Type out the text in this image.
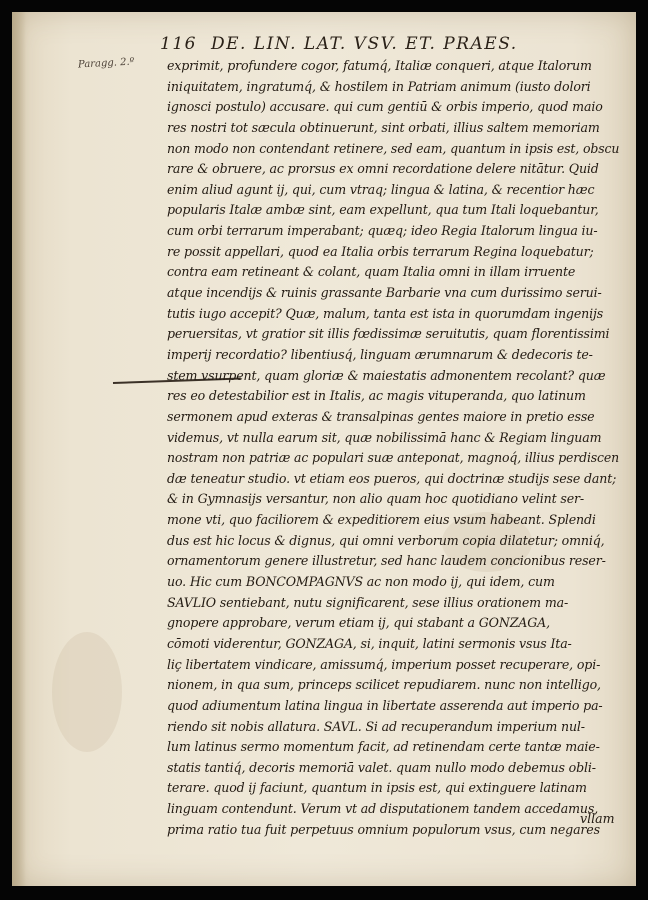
116 DE. LIN. LAT. VSV. ET. PRAES.
Paragg. 2.º	exprimit, profundere cogor, fatumq́, Italiæ conqueri, atque Italorum
iniquitatem, ingratumq́, & hostilem in Patriam animum (iusto dolori
ignosci postulo) accusare. qui cum gentiū & orbis imperio, quod maio
res nostri tot sæcula obtinuerunt, sint orbati, illius saltem memoriam
non modo non contendant retinere, sed eam, quantum in ipsis est, obscu
rare & obruere, ac prorsus ex omni recordatione delere nitātur. Quid
enim aliud agunt ij, qui, cum vtraq; lingua & latina, & recentior hæc
popularis Italæ ambæ sint, eam expellunt, qua tum Itali loquebantur,
cum orbi terrarum imperabant; quæq; ideo Regia Italorum lingua iu-
re possit appellari, quod ea Italia orbis terrarum Regina loquebatur;
contra eam retineant & colant, quam Italia omni in illam irruente
atque incendijs & ruinis grassante Barbarie vna cum durissimo serui-
tutis iugo accepit? Quæ, malum, tanta est ista in quorumdam ingenijs
peruersitas, vt gratior sit illis fœdissimæ seruitutis, quam florentissimi
imperij recordatio? libentiusq́, linguam ærumnarum & dedecoris te-
stem vsurpent, quam gloriæ & maiestatis admonentem recolant? quæ
res eo detestabilior est in Italis, ac magis vituperanda, quo latinum
sermonem apud exteras & transalpinas gentes maiore in pretio esse
videmus, vt nulla earum sit, quæ nobilissimā hanc & Regiam linguam
nostram non patriæ ac populari suæ anteponat, magnoq́, illius perdiscen
dæ teneatur studio. vt etiam eos pueros, qui doctrinæ studijs sese dant;
& in Gymnasijs versantur, non alio quam hoc quotidiano velint ser-
mone vti, quo faciliorem & expeditiorem eius vsum habeant. Splendi
dus est hic locus & dignus, qui omni verborum copia dilatetur; omniq́,
ornamentorum genere illustretur, sed hanc laudem concionibus reser-
uo. Hic cum BONCOMPAGNVS ac non modo ij, qui idem, cum
SAVLIO sentiebant, nutu significarent, sese illius orationem ma-
gnopere approbare, verum etiam ij, qui stabant a GONZAGA,
cōmoti viderentur, GONZAGA, si, inquit, latini sermonis vsus Ita-
liç libertatem vindicare, amissumq́, imperium posset recuperare, opi-
nionem, in qua sum, princeps scilicet repudiarem. nunc non intelligo,
quod adiumentum latina lingua in libertate asserenda aut imperio pa-
riendo sit nobis allatura. SAVL. Si ad recuperandum imperium nul-
lum latinus sermo momentum facit, ad retinendam certe tantæ maie-
statis tantiq́, decoris memoriā valet. quam nullo modo debemus obli-
terare. quod ij faciunt, quantum in ipsis est, qui extinguere latinam
linguam contendunt. Verum vt ad disputationem tandem accedamus,
prima ratio tua fuit perpetuus omnium populorum vsus, cum negares
vllam
